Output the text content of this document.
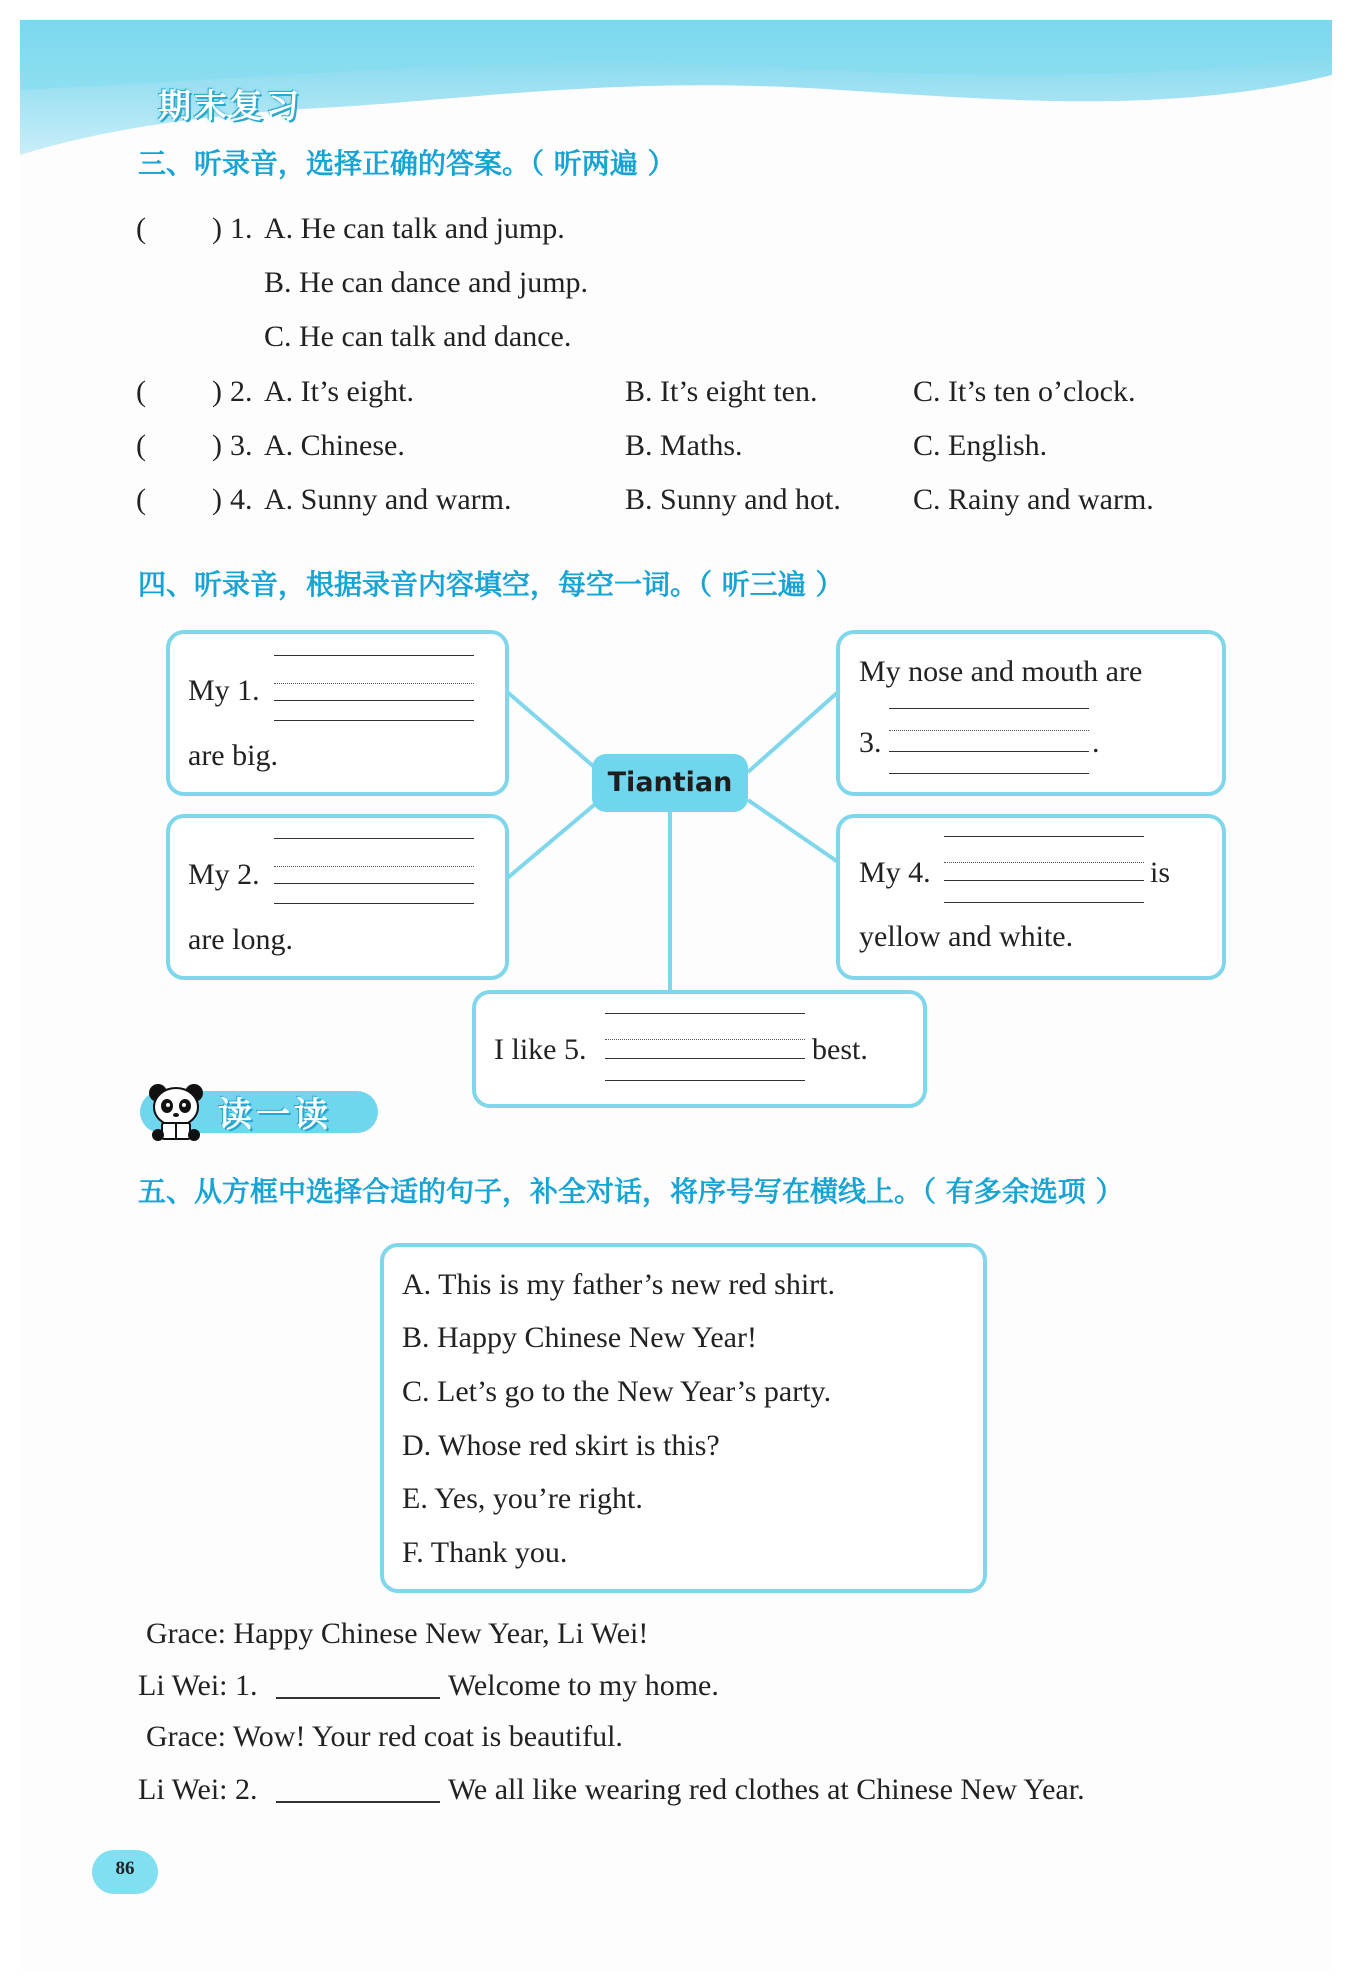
期末复习
三、听录音，选择正确的答案。（ 听两遍 ）
( ) 1. A. He can talk and jump.
B. He can dance and jump.
C. He can talk and dance.
( ) 2. A. It’s eight.	B. It’s eight ten.	C. It’s ten o’clock.
( ) 3. A. Chinese.	B. Maths.	C. English.
( ) 4. A. Sunny and warm.	B. Sunny and hot. C. Rainy and warm.
四、听录音，根据录音内容填空，每空一词。（ 听三遍 ）
My 1.
are big.
My 2.
are long.
Tiantian
My nose and mouth are
3.	.
My 4.	is
yellow and white.
I like 5.	best.
读一读
五、从方框中选择合适的句子，补全对话，将序号写在横线上。（ 有多余选项 ）
A. This is my father’s new red shirt.
B. Happy Chinese New Year!
C. Let’s go to the New Year’s party.
D. Whose red skirt is this?
E. Yes, you’re right.
F. Thank you.
Grace: Happy Chinese New Year, Li Wei!
Li Wei: 1.	Welcome to my home.
Grace: Wow! Your red coat is beautiful.
Li Wei: 2.	We all like wearing red clothes at Chinese New Year.
86
